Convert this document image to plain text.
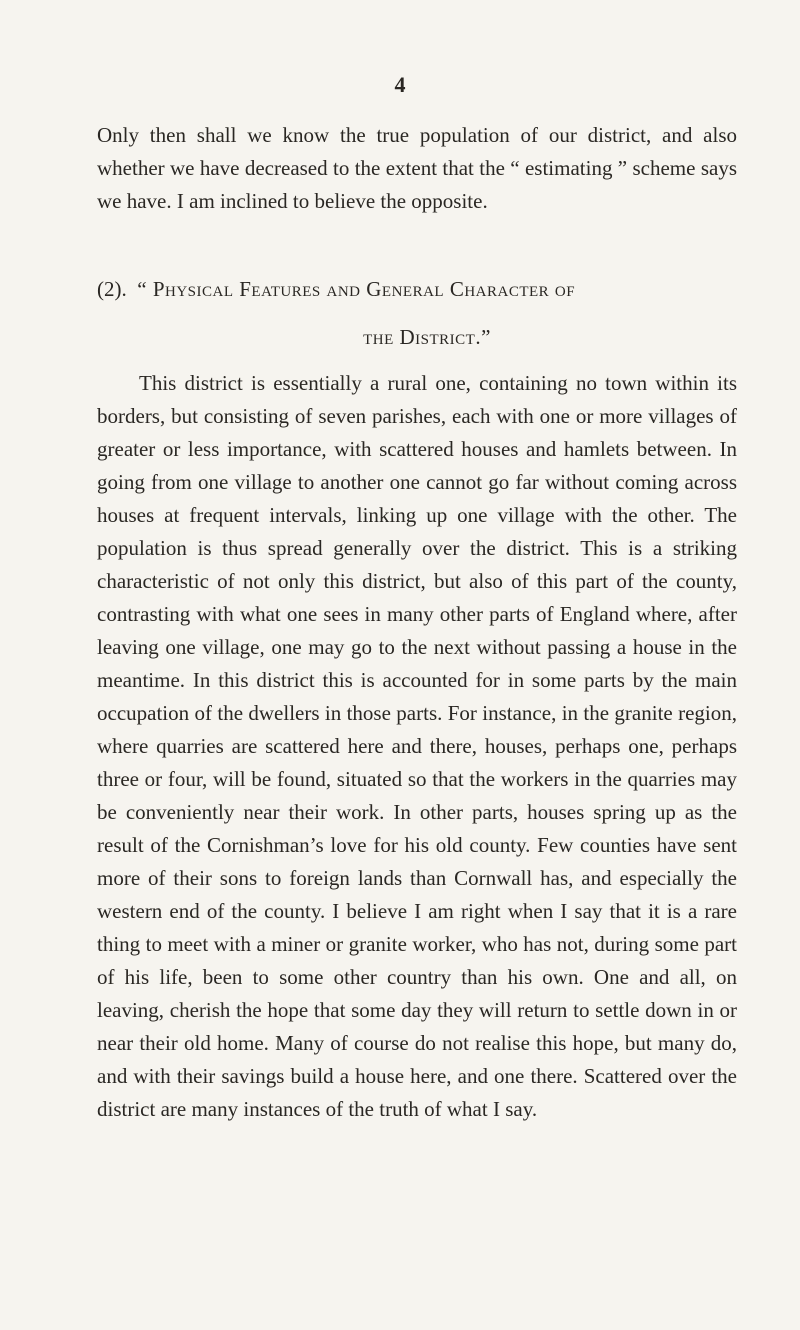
4

Only then shall we know the true population of our district, and also whether we have decreased to the extent that the “ estimating ” scheme says we have. I am inclined to believe the opposite.

(2). “ Physical Features and General Character of
the District.”

This district is essentially a rural one, containing no town within its borders, but consisting of seven parishes, each with one or more villages of greater or less importance, with scattered houses and hamlets between. In going from one village to another one cannot go far without coming across houses at frequent intervals, linking up one village with the other. The population is thus spread generally over the district. This is a striking characteristic of not only this district, but also of this part of the county, contrasting with what one sees in many other parts of England where, after leaving one village, one may go to the next without passing a house in the meantime. In this district this is accounted for in some parts by the main occupation of the dwellers in those parts. For instance, in the granite region, where quarries are scattered here and there, houses, perhaps one, perhaps three or four, will be found, situated so that the workers in the quarries may be conveniently near their work. In other parts, houses spring up as the result of the Cornishman’s love for his old county. Few counties have sent more of their sons to foreign lands than Cornwall has, and especially the western end of the county. I believe I am right when I say that it is a rare thing to meet with a miner or granite worker, who has not, during some part of his life, been to some other country than his own. One and all, on leaving, cherish the hope that some day they will return to settle down in or near their old home. Many of course do not realise this hope, but many do, and with their savings build a house here, and one there. Scattered over the district are many instances of the truth of what I say.
